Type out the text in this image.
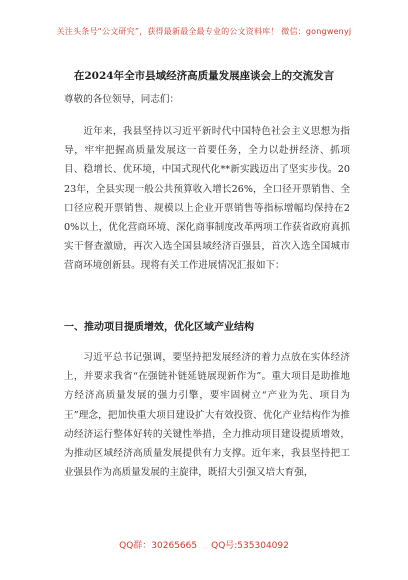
关注头条号“公文研究”，获得最新最全最专业的公文资料库！ 微信：gongwenyj
在2024年全市县域经济高质量发展座谈会上的交流发言
尊敬的各位领导，同志们：
近年来，我县坚持以习近平新时代中国特色社会主义思想为指导，牢牢把握高质量发展这一首要任务，全力以赴拼经济、抓项目、稳增长、优环境，中国式现代化**新实践迈出了坚实步伐。2023年，全县实现一般公共预算收入增长26%，全口径开票销售、全口径应税开票销售、规模以上企业开票销售等指标增幅均保持在20%以上，优化营商环境、深化商事制度改革两项工作获省政府真抓实干督查激励，再次入选全国县域经济百强县，首次入选全国城市营商环境创新县。现将有关工作进展情况汇报如下：
一、推动项目提质增效，优化区域产业结构
习近平总书记强调，要坚持把发展经济的着力点放在实体经济上，并要求我省“在强链补链延链展现新作为”。重大项目是助推地方经济高质量发展的强力引擎，要牢固树立“产业为先、项目为王”理念，把加快重大项目建设扩大有效投资、优化产业结构作为推动经济运行整体好转的关键性举措，全力推动项目建设提质增效，为推动区域经济高质量发展提供有力支撑。近年来，我县坚持把工业强县作为高质量发展的主旋律，既招大引强又培大育强，
QQ群：30265665 QQ号:535304092
